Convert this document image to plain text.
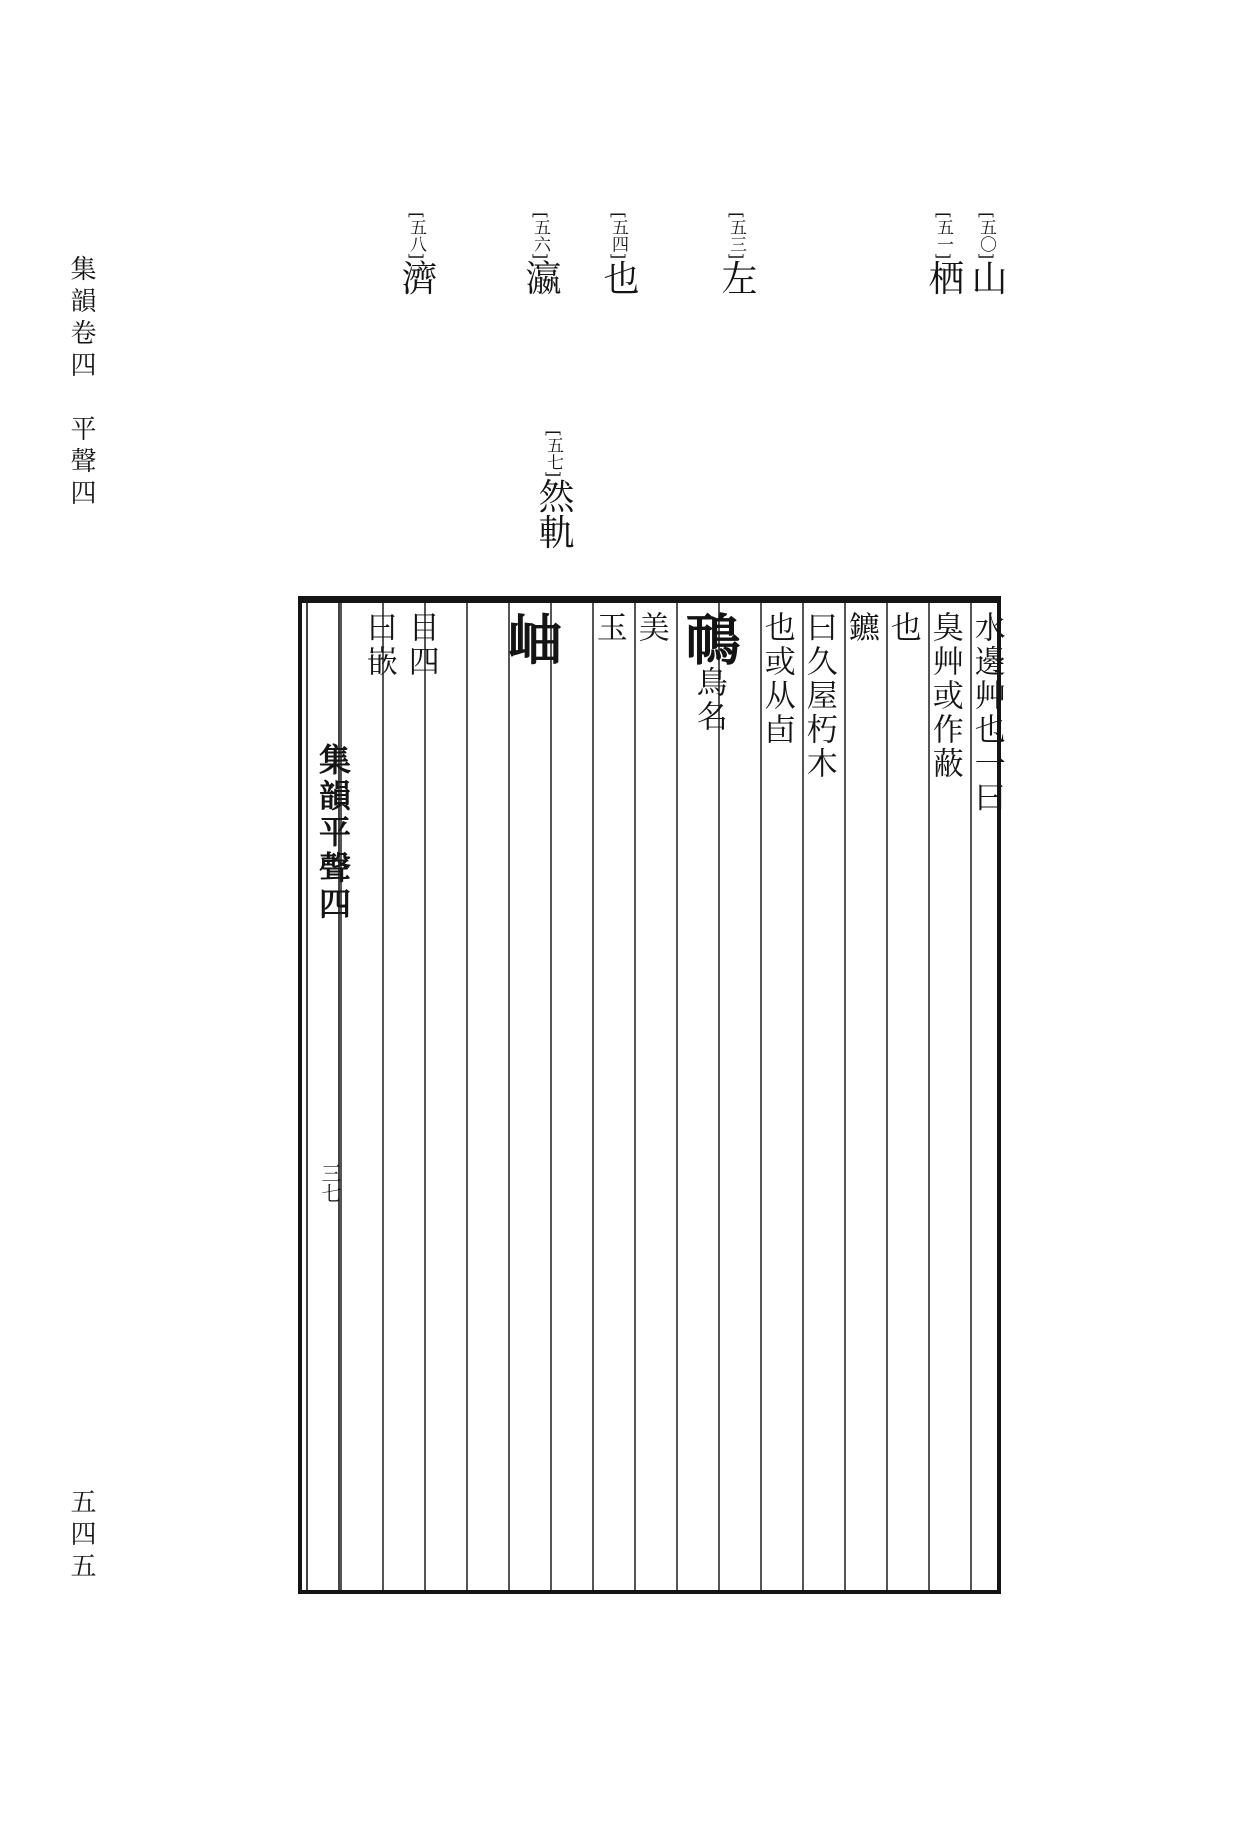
集韻卷四　平聲四
五四五
[五〇]山
[五一]栖
[五三]左
[五四]也
[五六]瀛
[五七]然軌
[五八]濟
水邊艸也一曰
臭艸或作蔽
也
鑣
曰久屋朽木
也或从卣
鳾鳥名
美
玉
岫
目四
曰嵌
集韻平聲四
三七
